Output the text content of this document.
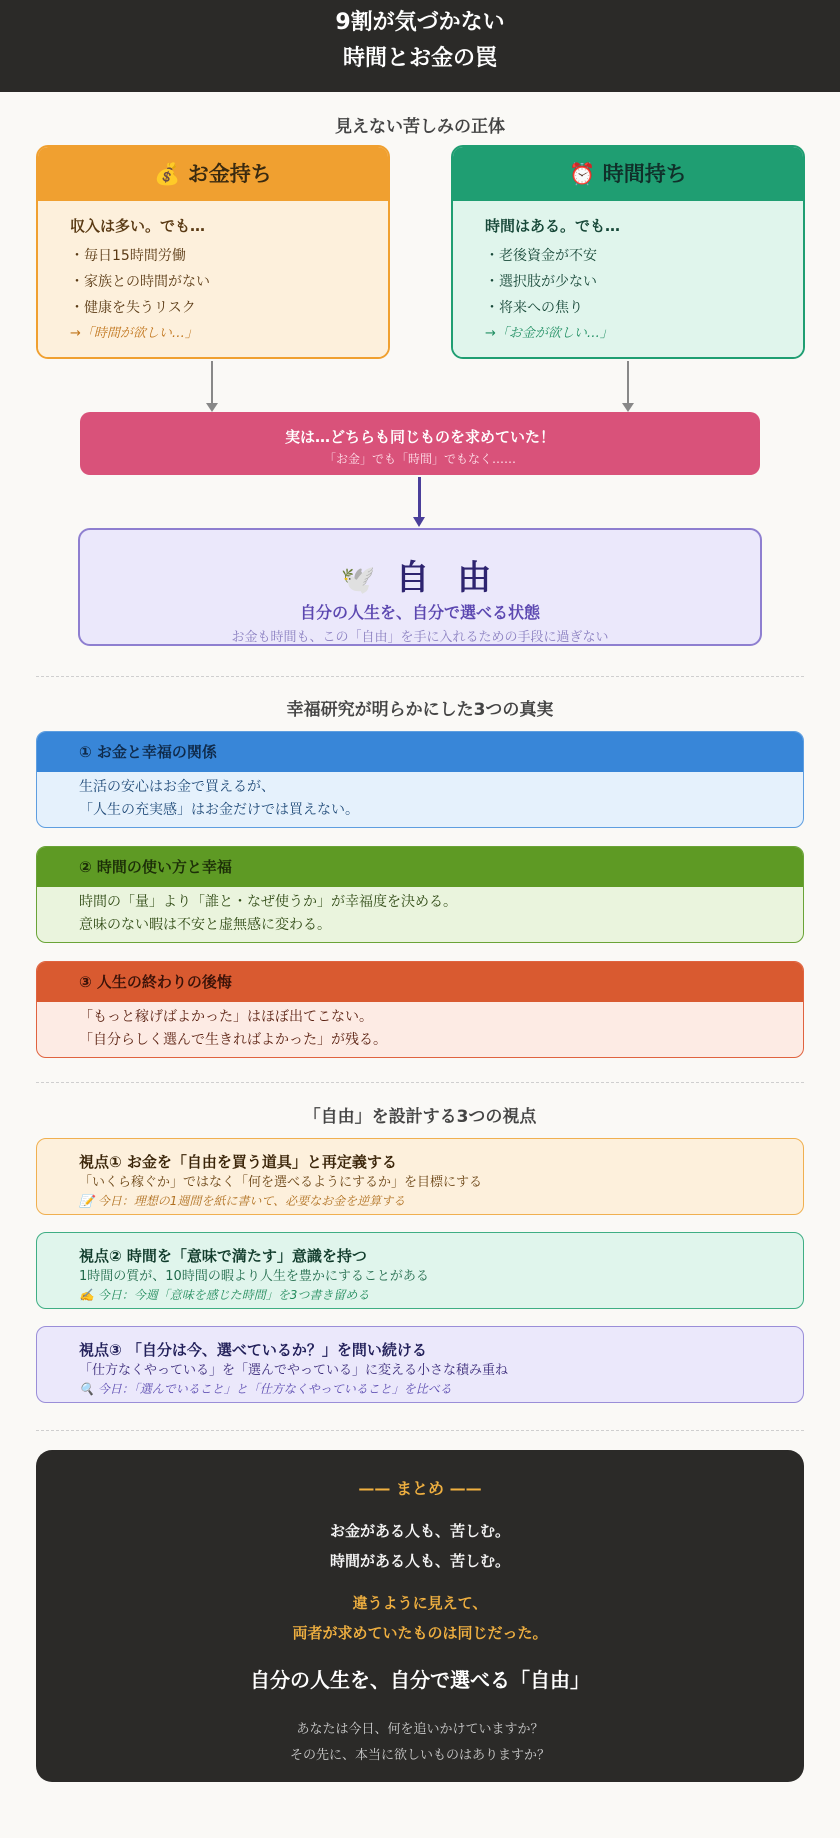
9割が気づかない
時間とお金の罠
見えない苦しみの正体
💰 お金持ち
収入は多い。でも…
・毎日15時間労働
・家族との時間がない
・健康を失うリスク
→「時間が欲しい…」
⏰ 時間持ち
時間はある。でも…
・老後資金が不安
・選択肢が少ない
・将来への焦り
→「お金が欲しい…」
実は…どちらも同じものを求めていた！
「お金」でも「時間」でもなく……
🕊️ 自 由
自分の人生を、自分で選べる状態
お金も時間も、この「自由」を手に入れるための手段に過ぎない
幸福研究が明らかにした3つの真実
① お金と幸福の関係
生活の安心はお金で買えるが、
「人生の充実感」はお金だけでは買えない。
② 時間の使い方と幸福
時間の「量」より「誰と・なぜ使うか」が幸福度を決める。
意味のない暇は不安と虚無感に変わる。
③ 人生の終わりの後悔
「もっと稼げばよかった」はほぼ出てこない。
「自分らしく選んで生きればよかった」が残る。
「自由」を設計する3つの視点
視点① お金を「自由を買う道具」と再定義する
「いくら稼ぐか」ではなく「何を選べるようにするか」を目標にする
📝 今日：理想の1週間を紙に書いて、必要なお金を逆算する
視点② 時間を「意味で満たす」意識を持つ
1時間の質が、10時間の暇より人生を豊かにすることがある
✍️ 今日：今週「意味を感じた時間」を3つ書き留める
視点③ 「自分は今、選べているか？」を問い続ける
「仕方なくやっている」を「選んでやっている」に変える小さな積み重ね
🔍 今日：「選んでいること」と「仕方なくやっていること」を比べる
—— まとめ ——
お金がある人も、苦しむ。
時間がある人も、苦しむ。
違うように見えて、
両者が求めていたものは同じだった。
自分の人生を、自分で選べる「自由」
あなたは今日、何を追いかけていますか？
その先に、本当に欲しいものはありますか？
